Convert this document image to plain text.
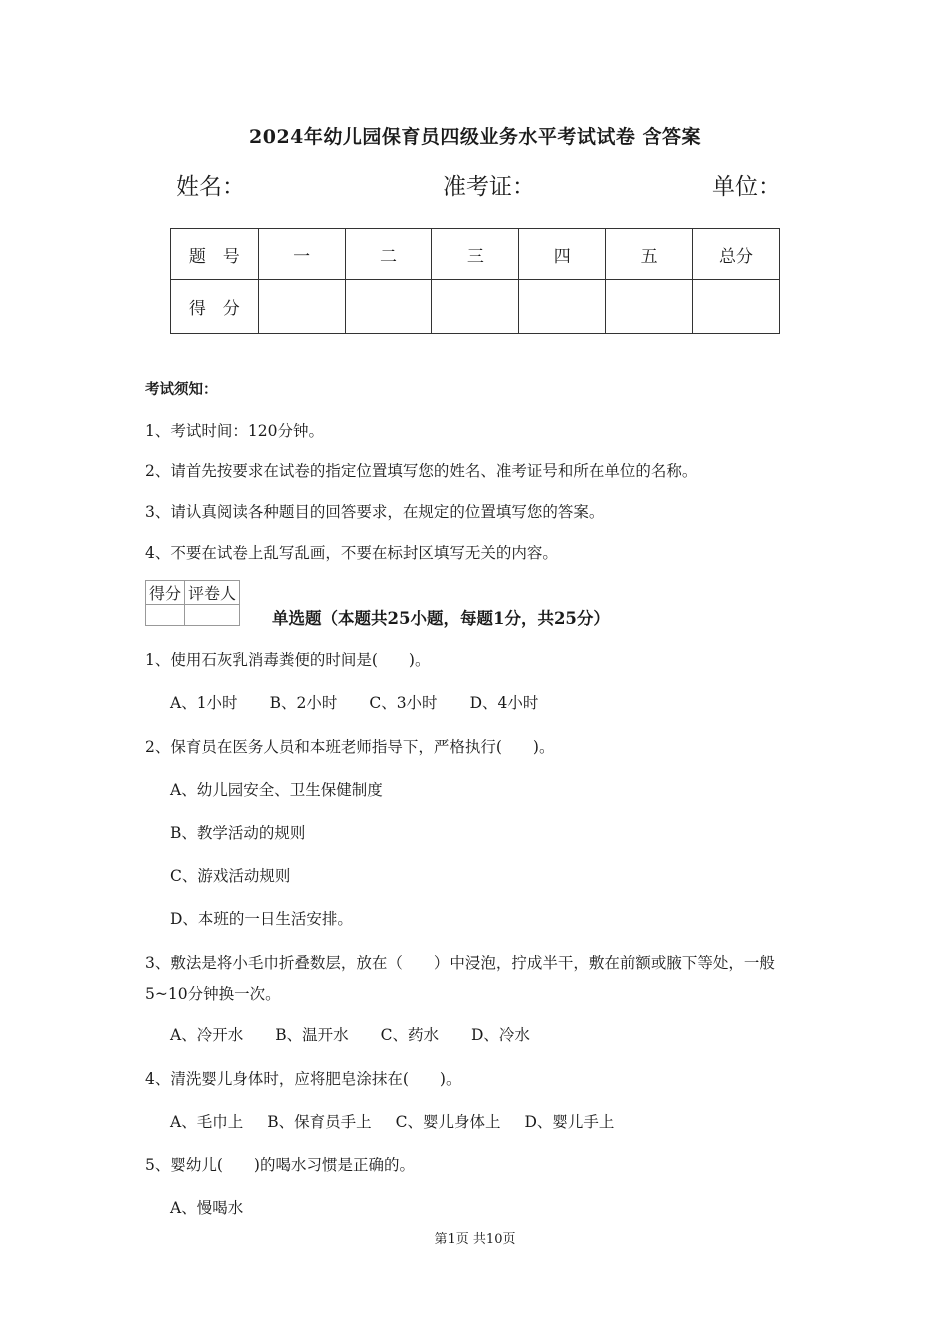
2024年幼儿园保育员四级业务水平考试试卷 含答案
姓名：	准考证：	单位：
题　号	一	二	三	四	五	总分
得　分						
考试须知：
1、考试时间：120分钟。
2、请首先按要求在试卷的指定位置填写您的姓名、准考证号和所在单位的名称。
3、请认真阅读各种题目的回答要求，在规定的位置填写您的答案。
4、不要在试卷上乱写乱画，不要在标封区填写无关的内容。
得分	评卷人

单选题（本题共25小题，每题1分，共25分）
1、使用石灰乳消毒粪便的时间是(　　)。
A、1小时 B、2小时 C、3小时 D、4小时
2、保育员在医务人员和本班老师指导下，严格执行(　　)。
A、幼儿园安全、卫生保健制度
B、教学活动的规则
C、游戏活动规则
D、本班的一日生活安排。
3、敷法是将小毛巾折叠数层，放在（　　）中浸泡，拧成半干，敷在前额或腋下等处，一般
5~10分钟换一次。
A、冷开水 B、温开水 C、药水 D、冷水
4、清洗婴儿身体时，应将肥皂涂抹在(　　)。
A、毛巾上 B、保育员手上 C、婴儿身体上 D、婴儿手上
5、婴幼儿(　　)的喝水习惯是正确的。
A、慢喝水
第1页 共10页
